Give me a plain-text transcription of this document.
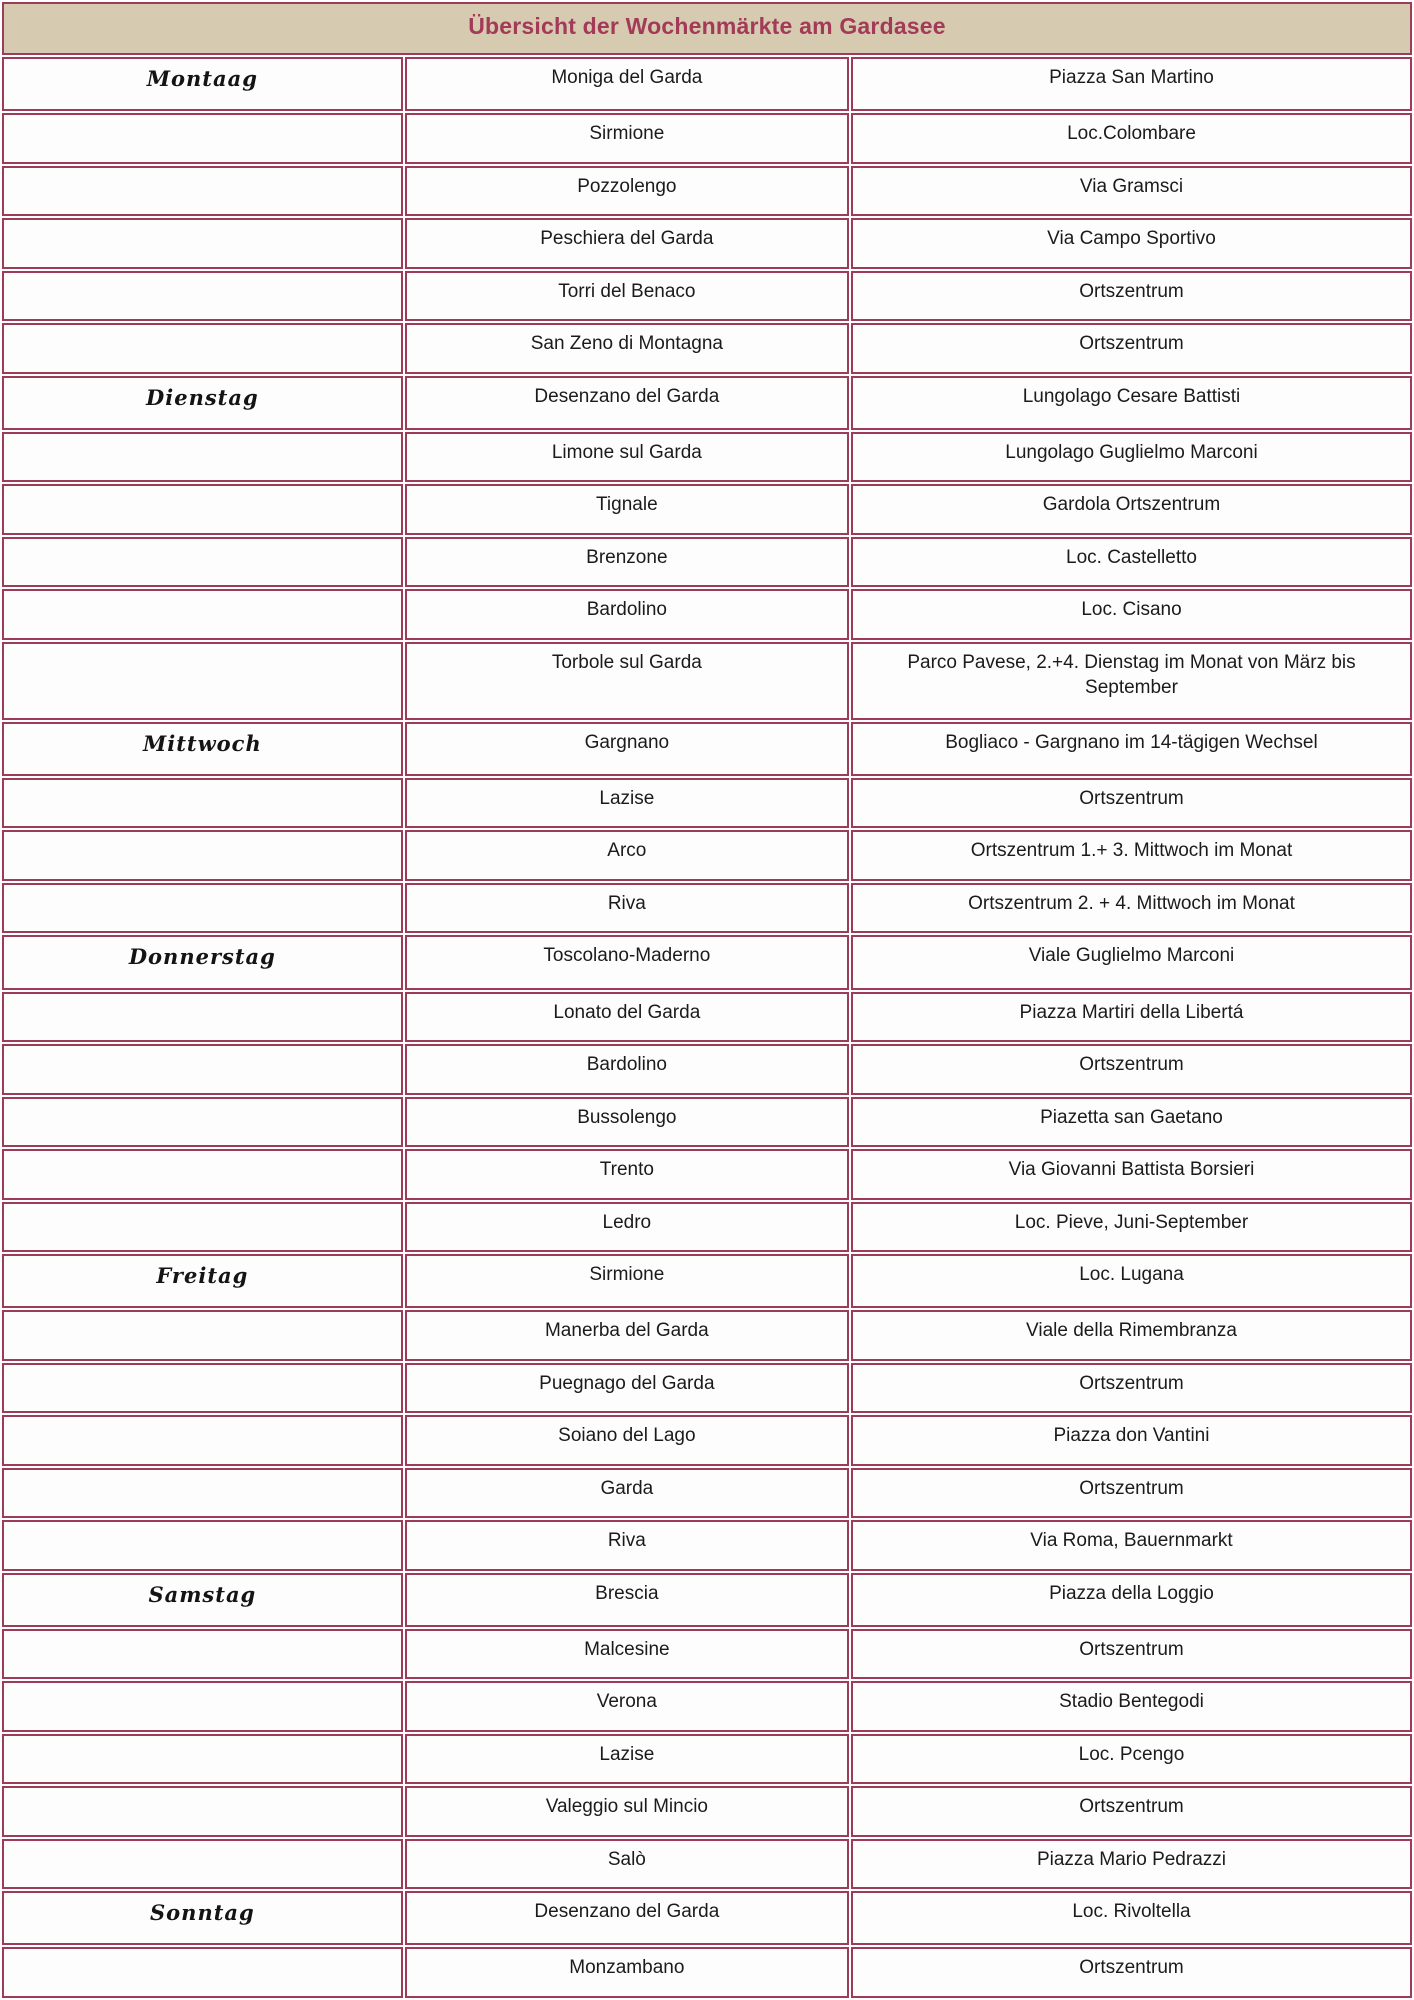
Übersicht der Wochenmärkte am Gardasee		
Montaag	Moniga del Garda	Piazza San Martino
	Sirmione	Loc.Colombare
	Pozzolengo	Via Gramsci
	Peschiera del Garda	Via Campo Sportivo
	Torri del Benaco	Ortszentrum
	San Zeno di Montagna	Ortszentrum
Dienstag	Desenzano del Garda	Lungolago Cesare Battisti
	Limone sul Garda	Lungolago Guglielmo Marconi
	Tignale	Gardola Ortszentrum
	Brenzone	Loc. Castelletto
	Bardolino	Loc. Cisano
	Torbole sul Garda	Parco Pavese, 2.+4. Dienstag im Monat von März bis September
Mittwoch	Gargnano	Bogliaco - Gargnano im 14-tägigen Wechsel
	Lazise	Ortszentrum
	Arco	Ortszentrum 1.+ 3. Mittwoch im Monat
	Riva	Ortszentrum 2. + 4. Mittwoch im Monat
Donnerstag	Toscolano-Maderno	Viale Guglielmo Marconi
	Lonato del Garda	Piazza Martiri della Libertá
	Bardolino	Ortszentrum
	Bussolengo	Piazetta san Gaetano
	Trento	Via Giovanni Battista Borsieri
	Ledro	Loc. Pieve, Juni-September
Freitag	Sirmione	Loc. Lugana
	Manerba del Garda	Viale della Rimembranza
	Puegnago del Garda	Ortszentrum
	Soiano del Lago	Piazza don Vantini
	Garda	Ortszentrum
	Riva	Via Roma, Bauernmarkt
Samstag	Brescia	Piazza della Loggio
	Malcesine	Ortszentrum
	Verona	Stadio Bentegodi
	Lazise	Loc. Pcengo
	Valeggio sul Mincio	Ortszentrum
	Salò	Piazza Mario Pedrazzi
Sonntag	Desenzano del Garda	Loc. Rivoltella
	Monzambano	Ortszentrum
